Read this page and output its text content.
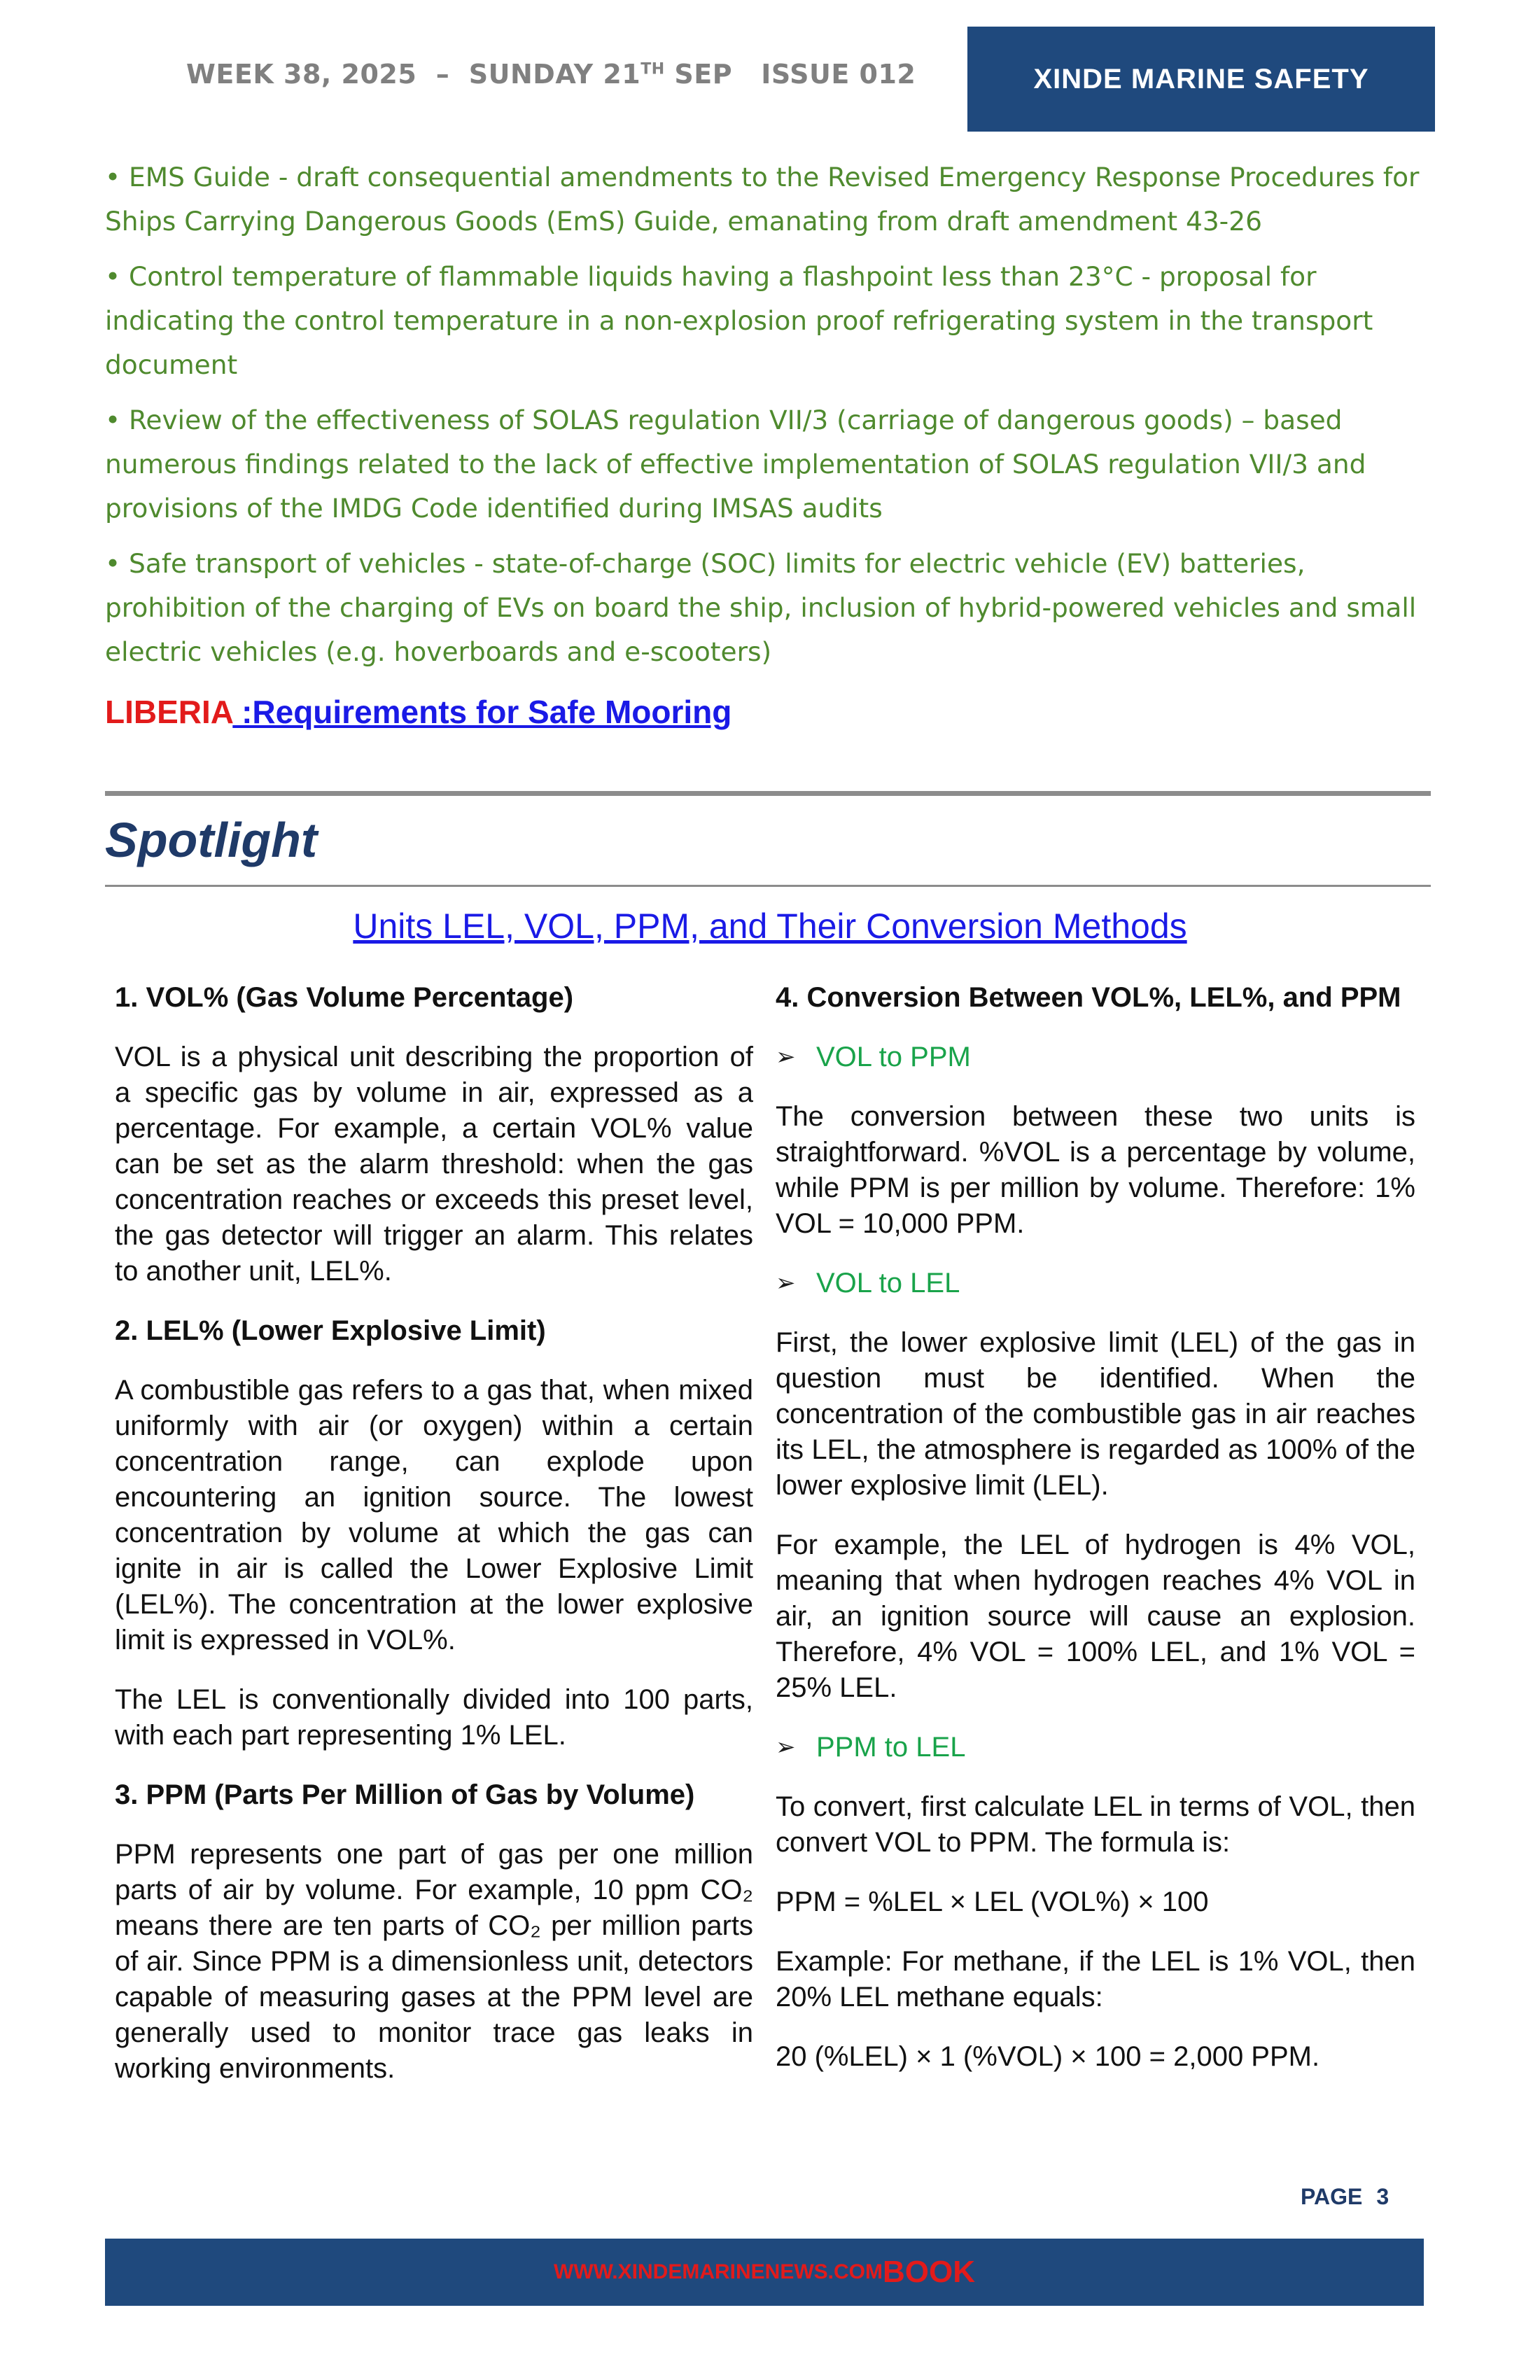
WEEK 38, 2025 – SUNDAY 21TH SEP ISSUE 012	XINDE MARINE SAFETY

• EMS Guide - draft consequential amendments to the Revised Emergency Response Procedures for Ships Carrying Dangerous Goods (EmS) Guide, emanating from draft amendment 43-26

• Control temperature of flammable liquids having a flashpoint less than 23°C - proposal for indicating the control temperature in a non-explosion proof refrigerating system in the transport document

• Review of the effectiveness of SOLAS regulation VII/3 (carriage of dangerous goods) – based numerous findings related to the lack of effective implementation of SOLAS regulation VII/3 and provisions of the IMDG Code identified during IMSAS audits

• Safe transport of vehicles - state-of-charge (SOC) limits for electric vehicle (EV) batteries, prohibition of the charging of EVs on board the ship, inclusion of hybrid-powered vehicles and small electric vehicles (e.g. hoverboards and e-scooters)

LIBERIA :Requirements for Safe Mooring
Spotlight
Units LEL, VOL, PPM, and Their Conversion Methods
1. VOL% (Gas Volume Percentage)

VOL is a physical unit describing the proportion of a specific gas by volume in air, expressed as a percentage. For example, a certain VOL% value can be set as the alarm threshold: when the gas concentration reaches or exceeds this preset level, the gas detector will trigger an alarm. This relates to another unit, LEL%.

2. LEL% (Lower Explosive Limit)

A combustible gas refers to a gas that, when mixed uniformly with air (or oxygen) within a certain concentration range, can explode upon encountering an ignition source. The lowest concentration by volume at which the gas can ignite in air is called the Lower Explosive Limit (LEL%). The concentration at the lower explosive limit is expressed in VOL%.

The LEL is conventionally divided into 100 parts, with each part representing 1% LEL.

3. PPM (Parts Per Million of Gas by Volume)

PPM represents one part of gas per one million parts of air by volume. For example, 10 ppm CO₂ means there are ten parts of CO₂ per million parts of air. Since PPM is a dimensionless unit, detectors capable of measuring gases at the PPM level are generally used to monitor trace gas leaks in working environments.

4. Conversion Between VOL%, LEL%, and PPM
➢ VOL to PPM

The conversion between these two units is straightforward. %VOL is a percentage by volume, while PPM is per million by volume. Therefore: 1% VOL = 10,000 PPM.

➢ VOL to LEL

First, the lower explosive limit (LEL) of the gas in question must be identified. When the concentration of the combustible gas in air reaches its LEL, the atmosphere is regarded as 100% of the lower explosive limit (LEL).

For example, the LEL of hydrogen is 4% VOL, meaning that when hydrogen reaches 4% VOL in air, an ignition source will cause an explosion. Therefore, 4% VOL = 100% LEL, and 1% VOL = 25% LEL.

➢ PPM to LEL

To convert, first calculate LEL in terms of VOL, then convert VOL to PPM. The formula is:

PPM = %LEL × LEL (VOL%) × 100

Example: For methane, if the LEL is 1% VOL, then 20% LEL methane equals:

20 (%LEL) × 1 (%VOL) × 100 = 2,000 PPM.

PAGE 3
WWW.XINDEMARINENEWS.COM BOOK
